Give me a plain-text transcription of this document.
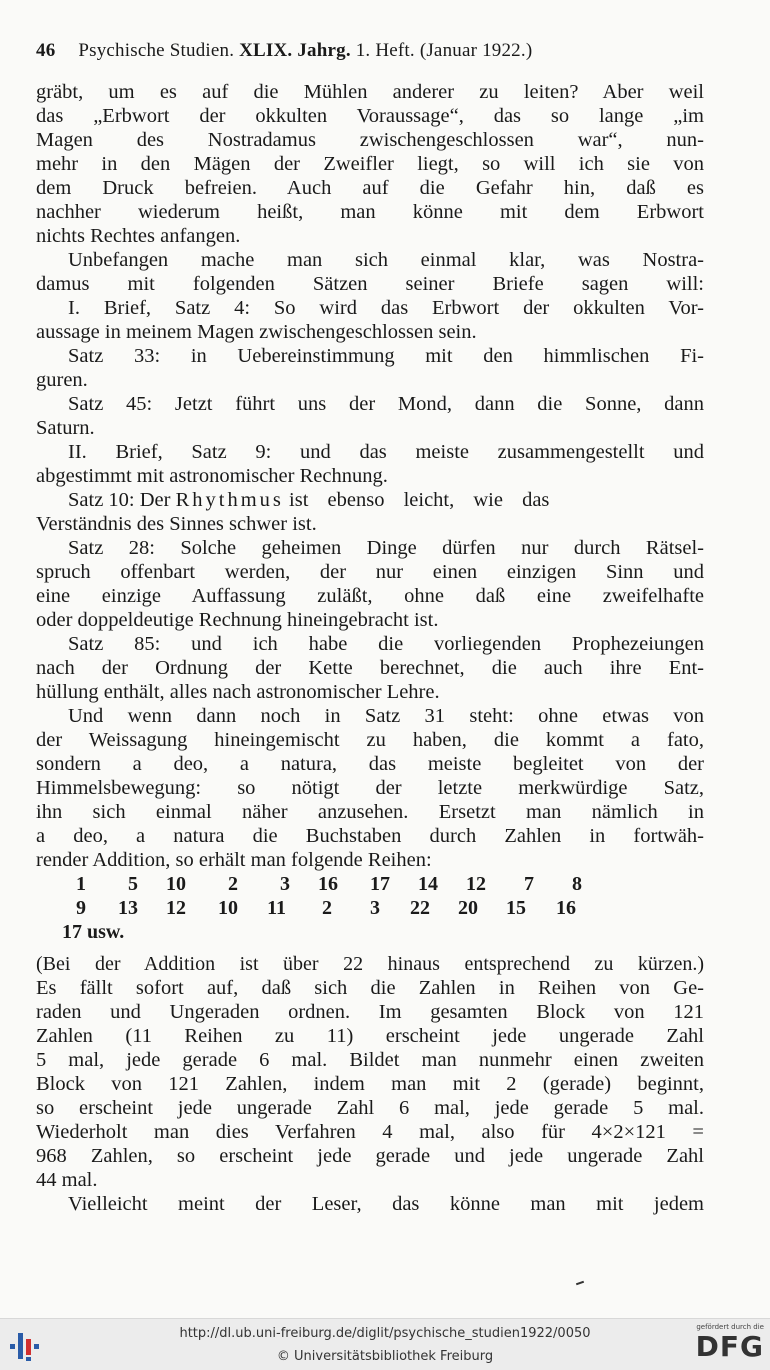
46 Psychische Studien. XLIX. Jahrg. 1. Heft. (Januar 1922.)
gräbt, um es auf die Mühlen anderer zu leiten? Aber weil
das „Erbwort der okkulten Voraussage“, das so lange „im
Magen des Nostradamus zwischengeschlossen war“, nun-
mehr in den Mägen der Zweifler liegt, so will ich sie von
dem Druck befreien. Auch auf die Gefahr hin, daß es
nachher wiederum heißt, man könne mit dem Erbwort
nichts Rechtes anfangen.
Unbefangen mache man sich einmal klar, was Nostra-
damus mit folgenden Sätzen seiner Briefe sagen will:
I. Brief, Satz 4: So wird das Erbwort der okkulten Vor-
aussage in meinem Magen zwischengeschlossen sein.
Satz 33: in Uebereinstimmung mit den himmlischen Fi-
guren.
Satz 45: Jetzt führt uns der Mond, dann die Sonne, dann
Saturn.
II. Brief, Satz 9: und das meiste zusammengestellt und
abgestimmt mit astronomischer Rechnung.
Satz 10: Der Rhythmus ist ebenso leicht, wie das
Verständnis des Sinnes schwer ist.
Satz 28: Solche geheimen Dinge dürfen nur durch Rätsel-
spruch offenbart werden, der nur einen einzigen Sinn und
eine einzige Auffassung zuläßt, ohne daß eine zweifelhafte
oder doppeldeutige Rechnung hineingebracht ist.
Satz 85: und ich habe die vorliegenden Prophezeiungen
nach der Ordnung der Kette berechnet, die auch ihre Ent-
hüllung enthält, alles nach astronomischer Lehre.
Und wenn dann noch in Satz 31 steht: ohne etwas von
der Weissagung hineingemischt zu haben, die kommt a fato,
sondern a deo, a natura, das meiste begleitet von der
Himmelsbewegung: so nötigt der letzte merkwürdige Satz,
ihn sich einmal näher anzusehen. Ersetzt man nämlich in
a deo, a natura die Buchstaben durch Zahlen in fortwäh-
render Addition, so erhält man folgende Reihen:
1	5	10	2	3	16	17	14	12	7	8
9	13	12	10	11	2	3	22	20	15	16
17 usw.
(Bei der Addition ist über 22 hinaus entsprechend zu kürzen.)
Es fällt sofort auf, daß sich die Zahlen in Reihen von Ge-
raden und Ungeraden ordnen. Im gesamten Block von 121
Zahlen (11 Reihen zu 11) erscheint jede ungerade Zahl
5 mal, jede gerade 6 mal. Bildet man nunmehr einen zweiten
Block von 121 Zahlen, indem man mit 2 (gerade) beginnt,
so erscheint jede ungerade Zahl 6 mal, jede gerade 5 mal.
Wiederholt man dies Verfahren 4 mal, also für 4×2×121 =
968 Zahlen, so erscheint jede gerade und jede ungerade Zahl
44 mal.
Vielleicht meint der Leser, das könne man mit jedem
http://dl.ub.uni-freiburg.de/diglit/psychische_studien1922/0050
© Universitätsbibliothek Freiburg
gefördert durch die
DFG
